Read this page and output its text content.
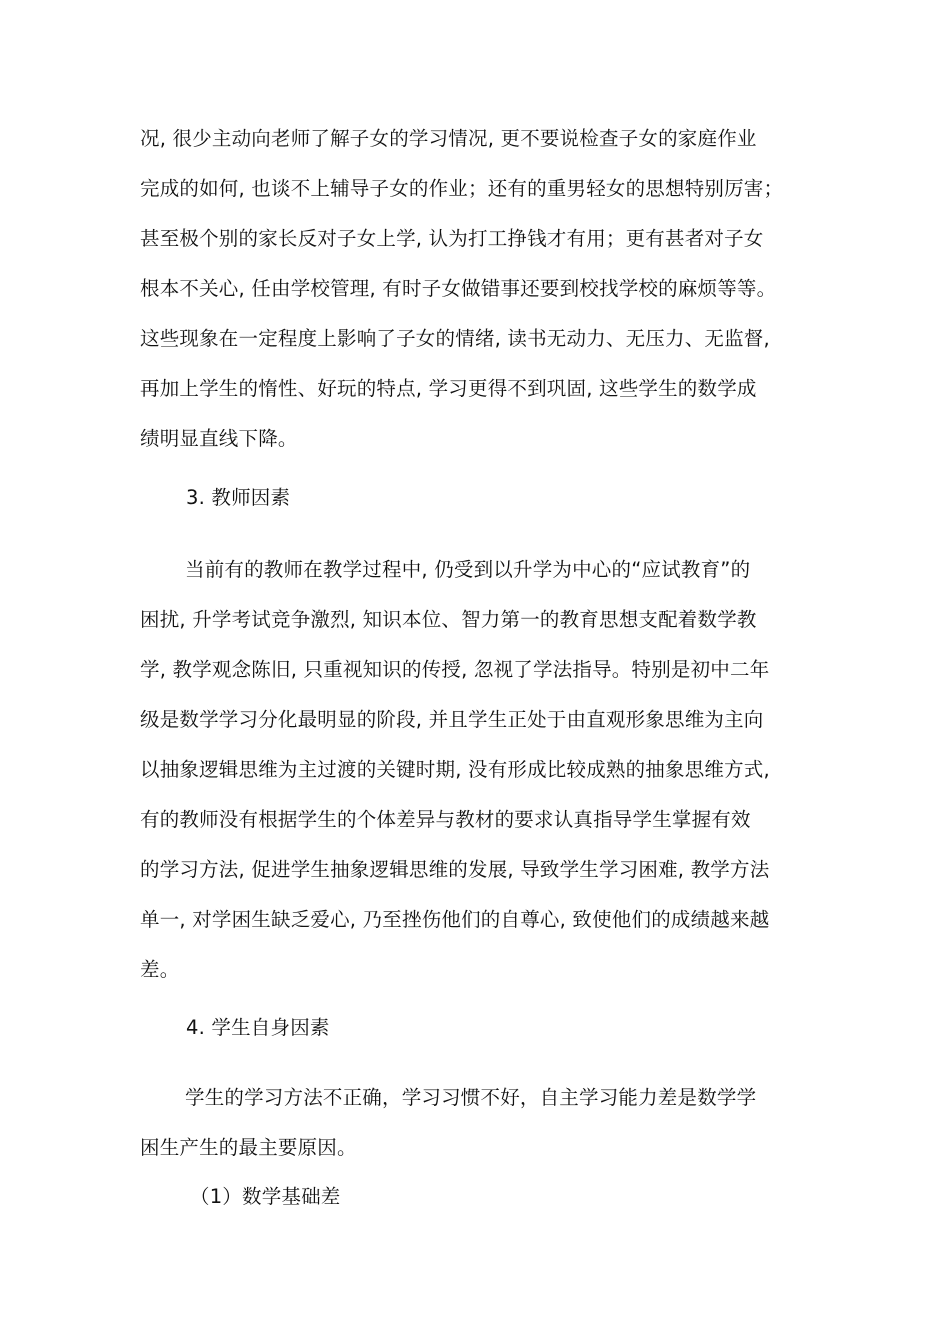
况, 很少主动向老师了解子女的学习情况, 更不要说检查子女的家庭作业
完成的如何, 也谈不上辅导子女的作业；还有的重男轻女的思想特别厉害；
甚至极个别的家长反对子女上学, 认为打工挣钱才有用；更有甚者对子女
根本不关心, 任由学校管理, 有时子女做错事还要到校找学校的麻烦等等。
这些现象在一定程度上影响了子女的情绪, 读书无动力、无压力、无监督,
再加上学生的惰性、好玩的特点, 学习更得不到巩固, 这些学生的数学成
绩明显直线下降。
3. 教师因素
当前有的教师在教学过程中, 仍受到以升学为中心的“应试教育”的
困扰, 升学考试竞争激烈, 知识本位、智力第一的教育思想支配着数学教
学, 教学观念陈旧, 只重视知识的传授, 忽视了学法指导。特别是初中二年
级是数学学习分化最明显的阶段, 并且学生正处于由直观形象思维为主向
以抽象逻辑思维为主过渡的关键时期, 没有形成比较成熟的抽象思维方式,
有的教师没有根据学生的个体差异与教材的要求认真指导学生掌握有效
的学习方法, 促进学生抽象逻辑思维的发展, 导致学生学习困难, 教学方法
单一, 对学困生缺乏爱心, 乃至挫伤他们的自尊心, 致使他们的成绩越来越
差。
4. 学生自身因素
学生的学习方法不正确，学习习惯不好，自主学习能力差是数学学
困生产生的最主要原因。
（1）数学基础差
